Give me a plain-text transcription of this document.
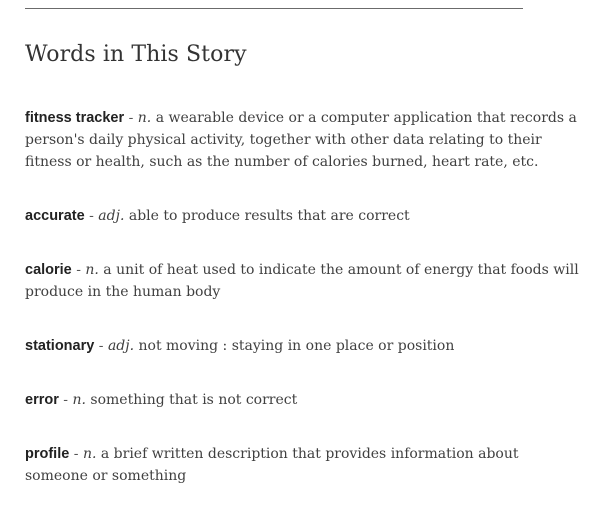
Words in This Story

fitness tracker - n. a wearable device or a computer application that records a person's daily physical activity, together with other data relating to their fitness or health, such as the number of calories burned, heart rate, etc.

accurate - adj. able to produce results that are correct

calorie - n. a unit of heat used to indicate the amount of energy that foods will produce in the human body

stationary - adj. not moving : staying in one place or position

error - n. something that is not correct

profile - n. a brief written description that provides information about someone or something
